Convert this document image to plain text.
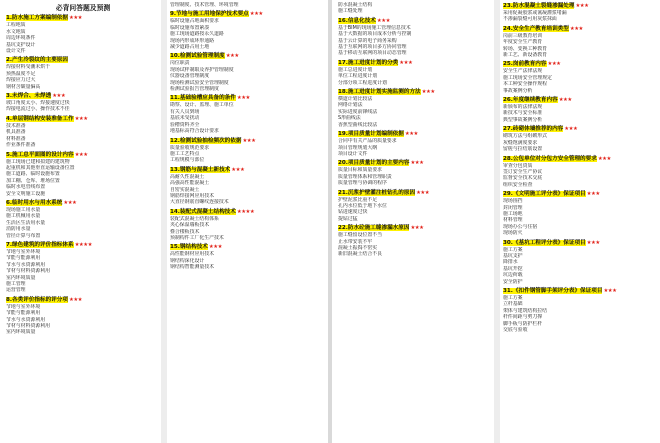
必背问答题及预测
1.防水施工方案编制依据★★★
工程地质
水文地质
周边环境条件
基坑支护设计
设计文件
2.产生冷裂纹的主要原因
焊接材料受潮未烘干
预热温度不足
焊接应力过大
钢材含碳量偏高
3.未焊合、未焊透★★★
坡口角度太小、焊接速度过快
焊接电流过小、操作技术不佳
4.单层钢结构安装准备工作★★★
技术准备
机具准备
材料准备
作业条件准备
5.施工总平面图的设计内容★★★
施工现场已建和拟建的建筑物
起重机和其他垂直运输设备位置
施工道路、临时设施布置
加工棚、仓库、堆场位置
临时水电管线布置
安全文明施工设施
6.临时用水与用水系统★★★
现场施工用水量
施工机械用水量
生活区生活用水量
消防用水量
管径计算与布置
7.绿色建筑的评价指标体系★★★★
节地与室外环境
节能与能源利用
节水与水资源利用
节材与材料资源利用
室内环境质量
施工管理
运营管理
8.各类评价指标的评分项★★★
节地与室外环境
节能与能源利用
节水与水资源利用
节材与材料资源利用
室内环境质量
管理制度、技术管理、环境管理
9.节地与施工用地保护技术要点★★★
临时设施占地面积要求
临时设施布置紧凑
施工现场道路按永久道路
现场内形成环形通路
减少道路占用土地
10.检测试验管理制度★★★
岗位职责
现场试样制取及养护管理制度
仪器设备管理制度
现场检测试验安全管理制度
检测试验报告管理制度
11.基础验槽应具备的条件★★★
勘察、设计、监理、施工单位
有关人员到场
基底未受扰动
验槽资料齐全
地基标高符合设计要求
12.检测试验抽检频次的依据★★★
质量验收规范要求
施工工艺特点
工程规模与部位
13.钢筋与混凝土新技术★★★
高耐久性混凝土
高强高性能混凝土
自密实混凝土
钢筋焊接网应用技术
大直径钢筋直螺纹连接技术
14.装配式混凝土结构技术★★★★
装配式混凝土结构体系
夹心保温墙板技术
叠合楼板技术
预制构件工厂化生产技术
15.钢结构技术★★★
高性能钢材应用技术
钢结构深化设计
钢结构智能测量技术
防水混凝土结构
施工缝处理
16.信息化技术★★★
基于BIM的现场施工管理信息技术
基于大数据的项目成本分析与控制
基于云计算的电子商务采购
基于互联网的项目多方协同管理
基于移动互联网的项目动态管理
17.施工进度计划的分类★★★
施工总进度计划
单位工程进度计划
分部分项工程进度计划
18.施工进度计划实施监测的方法★★★
横道计划比较法
网络计划法
实际进度前锋线法
S形曲线法
香蕉型曲线比较法
19.项目质量计划编制依据★★★
合同中有关产品的质量要求
项目管理规划大纲
项目设计文件
20.项目质量计划的主要内容★★★
质量目标和质量要求
质量管理体系和管理职责
质量管理与协调的程序
21.沉浆护壁灌注桩钻孔的原因★★★
护壁泥浆比重不足
孔内水位低于地下水位
钻进速度过快
提钻过猛
22.防水砼施工缝渗漏水原因★★★
施工缝留设位置不当
止水带安装不牢
混凝土振捣不密实
新旧混凝土结合不良
23.防水混凝土裂缝渗漏处理★★★
采用促凝胶浆或氰凝灌浆堵漏
不渗漏裂缝可用灰浆抹面
24.安全生产教育培训类型★★★
岗前三级教育培训
年度安全生产教育
转场、变换工种教育
新工艺、新设备教育
25.岗前教育内容★★★
安全生产法律法规
施工现场安全管理规定
本工种安全操作规程
事故案例分析
26.年度继续教育内容★★★
新颁布的法律法规
新技术与安全标准
典型事故案例分析
27.砖砌体墙推荐的内容★★★
砌筑方法与组砌形式
灰缝饱满度要求
留槎与拉结筋设置
28.公包单位对分包方安全管理的要求★★★
审查分包资质
签订安全生产协议
监督安全技术交底
组织安全检查
29.《文明施工评分表》保证项目★★★
现场围挡
封闭管理
施工场地
材料管理
现场办公与住宿
现场防火
30.《基坑工程评分表》保证项目★★★
施工方案
基坑支护
降排水
基坑开挖
坑边荷载
安全防护
31.《扣件钢管脚手架评分表》保证项目★★★
施工方案
立杆基础
架体与建筑结构拉结
杆件间距与剪刀撑
脚手板与防护栏杆
交底与验收
